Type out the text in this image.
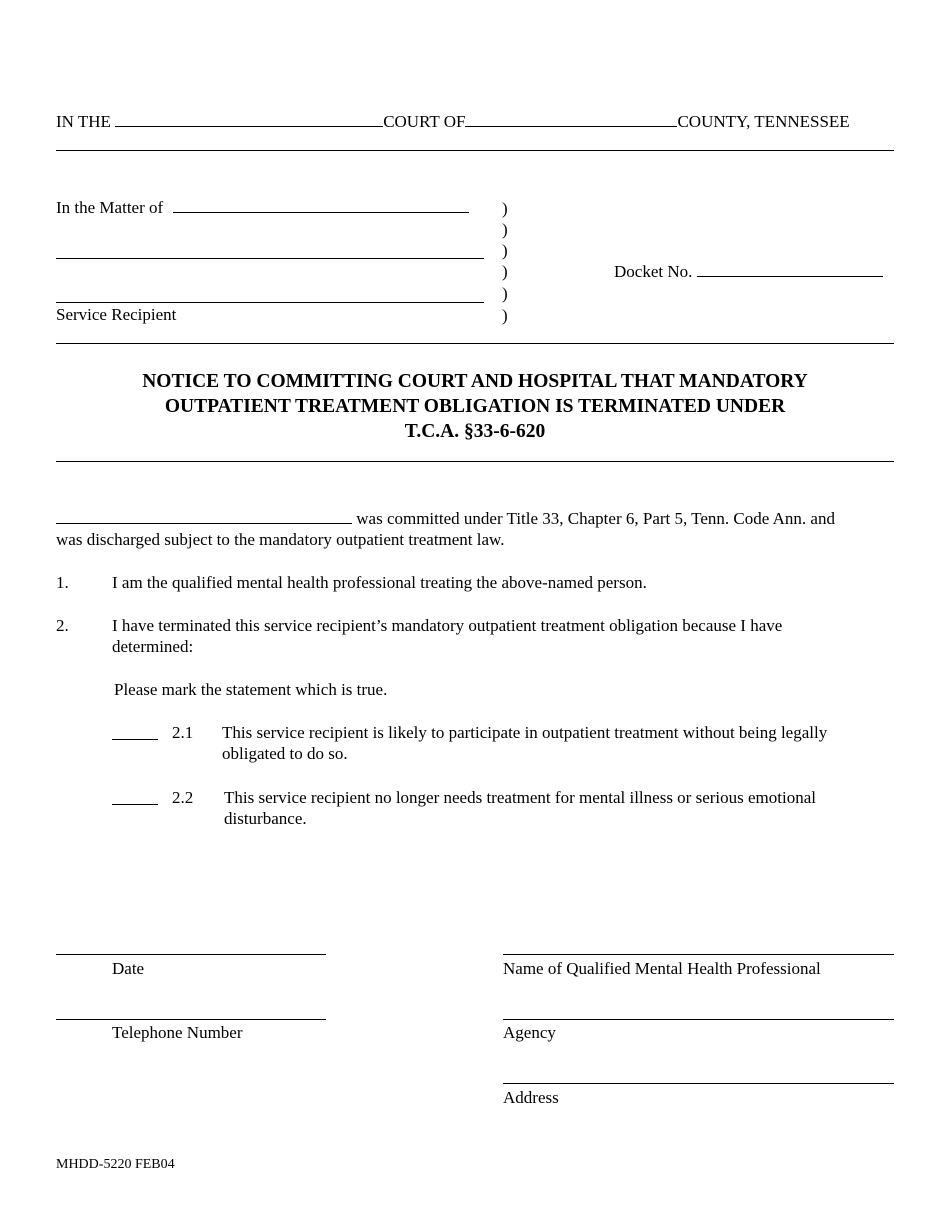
IN THE	COURT OF	COUNTY, TENNESSEE
In the Matter of
Service Recipient
)
)
)
)
)
)
Docket No.
NOTICE TO COMMITTING COURT AND HOSPITAL THAT MANDATORY
OUTPATIENT TREATMENT OBLIGATION IS TERMINATED UNDER
T.C.A. §33-6-620
was committed under Title 33, Chapter 6, Part 5, Tenn. Code Ann. and
was discharged subject to the mandatory outpatient treatment law.
1.	I am the qualified mental health professional treating the above-named person.
2.	I have terminated this service recipient’s mandatory outpatient treatment obligation because I have
determined:
Please mark the statement which is true.
2.1 This service recipient is likely to participate in outpatient treatment without being legally
obligated to do so.
2.2 This service recipient no longer needs treatment for mental illness or serious emotional
disturbance.
Date	Name of Qualified Mental Health Professional
Telephone Number	Agency
Address
MHDD-5220 FEB04
